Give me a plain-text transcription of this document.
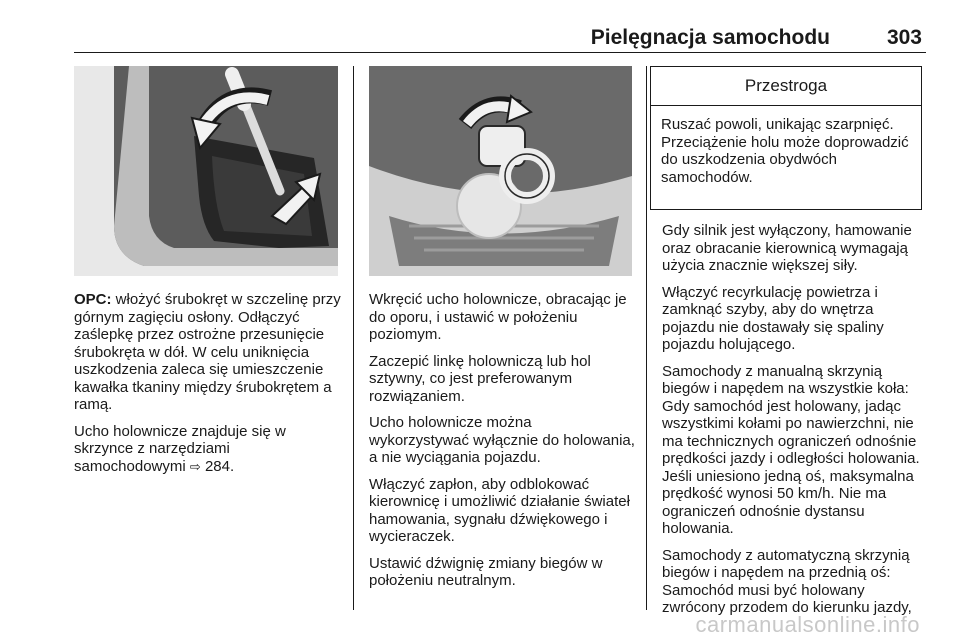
Pielęgnacja samochodu	303

OPC: włożyć śrubokręt w szczelinę przy górnym zagięciu osłony. Odłączyć zaślepkę przez ostrożne przesunięcie śrubokręta w dół. W celu uniknięcia uszkodzenia zaleca się umieszczenie kawałka tkaniny między śrubokrętem a ramą.

Ucho holownicze znajduje się w skrzynce z narzędziami samochodowymi ⇨ 284.

Wkręcić ucho holownicze, obracając je do oporu, i ustawić w położeniu poziomym.

Zaczepić linkę holowniczą lub hol sztywny, co jest preferowanym rozwiązaniem.

Ucho holownicze można wykorzystywać wyłącznie do holowania, a nie wyciągania pojazdu.

Włączyć zapłon, aby odblokować kierownicę i umożliwić działanie świateł hamowania, sygnału dźwiękowego i wycieraczek.

Ustawić dźwignię zmiany biegów w położeniu neutralnym.

Przestroga
Ruszać powoli, unikając szarpnięć. Przeciążenie holu może doprowadzić do uszkodzenia obydwóch samochodów.

Gdy silnik jest wyłączony, hamowanie oraz obracanie kierownicą wymagają użycia znacznie większej siły.

Włączyć recyrkulację powietrza i zamknąć szyby, aby do wnętrza pojazdu nie dostawały się spaliny pojazdu holującego.

Samochody z manualną skrzynią biegów i napędem na wszystkie koła: Gdy samochód jest holowany, jadąc wszystkimi kołami po nawierzchni, nie ma technicznych ograniczeń odnośnie prędkości jazdy i odległości holowania. Jeśli uniesiono jedną oś, maksymalna prędkość wynosi 50 km/h. Nie ma ograniczeń odnośnie dystansu holowania.

Samochody z automatyczną skrzynią biegów i napędem na przednią oś: Samochód musi być holowany zwrócony przodem do kierunku jazdy,

carmanualsonline.info
